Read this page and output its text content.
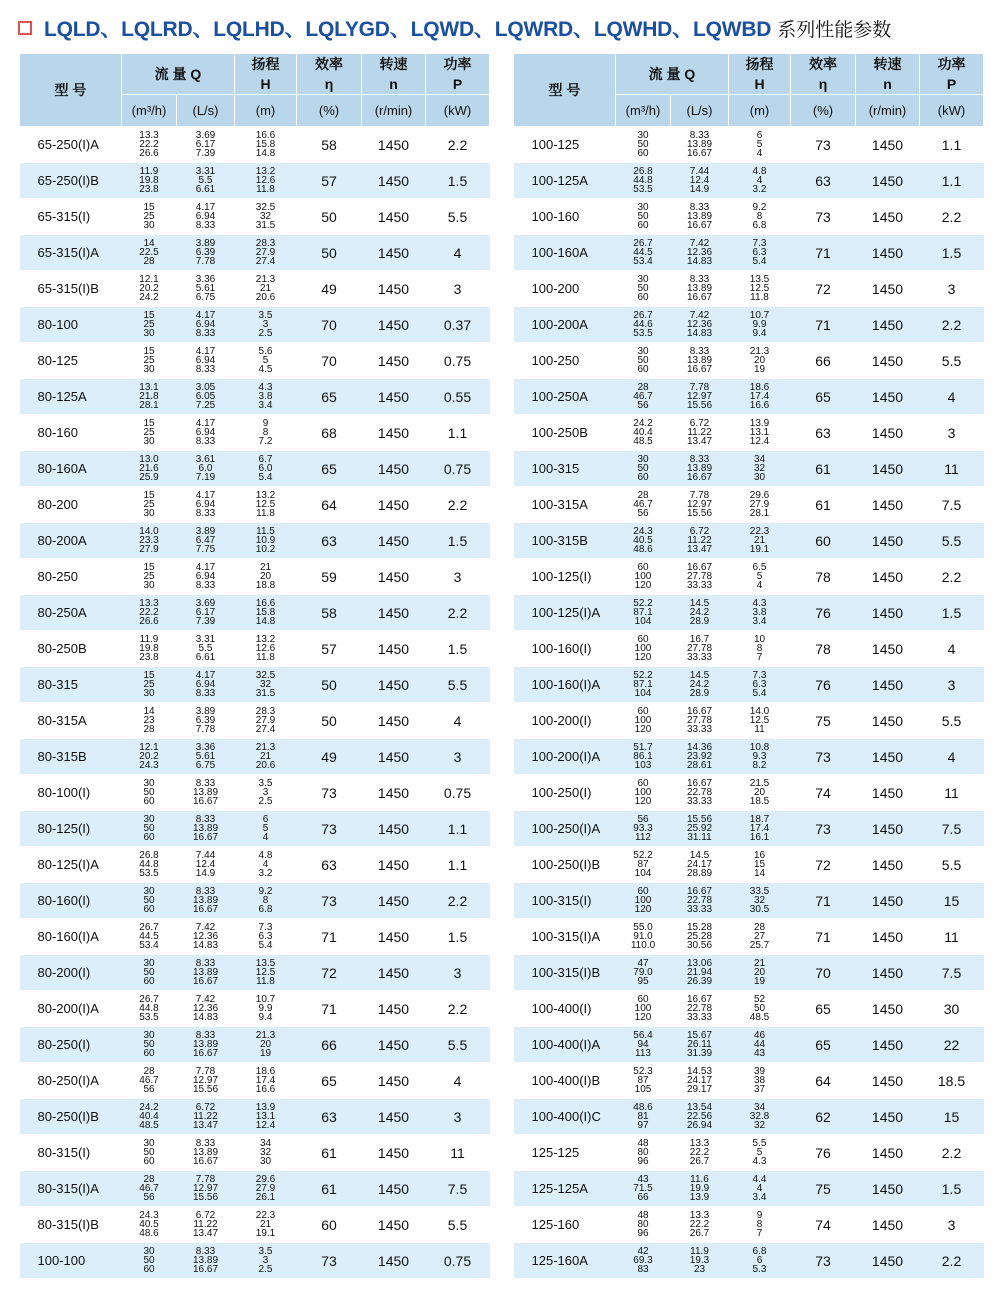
LQLD、LQLRD、LQLHD、LQLYGD、LQWD、LQWRD、LQWHD、LQWBD 系列性能参数
型 号	流 量 Q		扬程
H	效率
η	转速
n	功率
P
	(m³/h)	(L/s)	(m)	(%)	(r/min)	(kW)
65-250(I)A	13.3
22.2
26.6	3.69
6.17
7.39	16.6
15.8
14.8	58	1450	2.2
65-250(I)B	11.9
19.8
23.8	3.31
5.5
6.61	13.2
12.6
11.8	57	1450	1.5
65-315(I)	15
25
30	4.17
6.94
8.33	32.5
32
31.5	50	1450	5.5
65-315(I)A	14
22.5
28	3.89
6.39
7.78	28.3
27.9
27.4	50	1450	4
65-315(I)B	12.1
20.2
24.2	3.36
5.61
6.75	21.3
21
20.6	49	1450	3
80-100	15
25
30	4.17
6.94
8.33	3.5
3
2.5	70	1450	0.37
80-125	15
25
30	4.17
6.94
8.33	5.6
5
4.5	70	1450	0.75
80-125A	13.1
21.8
28.1	3.05
6.05
7.25	4.3
3.8
3.4	65	1450	0.55
80-160	15
25
30	4.17
6.94
8.33	9
8
7.2	68	1450	1.1
80-160A	13.0
21.6
25.9	3.61
6.0
7.19	6.7
6.0
5.4	65	1450	0.75
80-200	15
25
30	4.17
6.94
8.33	13.2
12.5
11.8	64	1450	2.2
80-200A	14.0
23.3
27.9	3.89
6.47
7.75	11.5
10.9
10.2	63	1450	1.5
80-250	15
25
30	4.17
6.94
8.33	21
20
18.8	59	1450	3
80-250A	13.3
22.2
26.6	3.69
6.17
7.39	16.6
15.8
14.8	58	1450	2.2
80-250B	11.9
19.8
23.8	3.31
5.5
6.61	13.2
12.6
11.8	57	1450	1.5
80-315	15
25
30	4.17
6.94
8.33	32.5
32
31.5	50	1450	5.5
80-315A	14
23
28	3.89
6.39
7.78	28.3
27.9
27.4	50	1450	4
80-315B	12.1
20.2
24.3	3.36
5.61
6.75	21.3
21
20.6	49	1450	3
80-100(I)	30
50
60	8.33
13.89
16.67	3.5
3
2.5	73	1450	0.75
80-125(I)	30
50
60	8.33
13.89
16.67	6
5
4	73	1450	1.1
80-125(I)A	26.8
44.8
53.5	7.44
12.4
14.9	4.8
4
3.2	63	1450	1.1
80-160(I)	30
50
60	8.33
13.89
16.67	9.2
8
6.8	73	1450	2.2
80-160(I)A	26.7
44.5
53.4	7.42
12.36
14.83	7.3
6.3
5.4	71	1450	1.5
80-200(I)	30
50
60	8.33
13.89
16.67	13.5
12.5
11.8	72	1450	3
80-200(I)A	26.7
44.8
53.5	7.42
12.36
14.83	10.7
9.9
9.4	71	1450	2.2
80-250(I)	30
50
60	8.33
13.89
16.67	21.3
20
19	66	1450	5.5
80-250(I)A	28
46.7
56	7.78
12.97
15.56	18.6
17.4
16.6	65	1450	4
80-250(I)B	24.2
40.4
48.5	6.72
11.22
13.47	13.9
13.1
12.4	63	1450	3
80-315(I)	30
50
60	8.33
13.89
16.67	34
32
30	61	1450	11
80-315(I)A	28
46.7
56	7.78
12.97
15.56	29.6
27.9
26.1	61	1450	7.5
80-315(I)B	24.3
40.5
48.6	6.72
11.22
13.47	22.3
21
19.1	60	1450	5.5
100-100	30
50
60	8.33
13.89
16.67	3.5
3
2.5	73	1450	0.75
型 号	流 量 Q		扬程
H	效率
η	转速
n	功率
P
	(m³/h)	(L/s)	(m)	(%)	(r/min)	(kW)
100-125	30
50
60	8.33
13.89
16.67	6
5
4	73	1450	1.1
100-125A	26.8
44.8
53.5	7.44
12.4
14.9	4.8
4
3.2	63	1450	1.1
100-160	30
50
60	8.33
13.89
16.67	9.2
8
6.8	73	1450	2.2
100-160A	26.7
44.5
53.4	7.42
12.36
14.83	7.3
6.3
5.4	71	1450	1.5
100-200	30
50
60	8.33
13.89
16.67	13.5
12.5
11.8	72	1450	3
100-200A	26.7
44.6
53.5	7.42
12.36
14.83	10.7
9.9
9.4	71	1450	2.2
100-250	30
50
60	8.33
13.89
16.67	21.3
20
19	66	1450	5.5
100-250A	28
46.7
56	7.78
12.97
15.56	18.6
17.4
16.6	65	1450	4
100-250B	24.2
40.4
48.5	6.72
11.22
13.47	13.9
13.1
12.4	63	1450	3
100-315	30
50
60	8.33
13.89
16.67	34
32
30	61	1450	11
100-315A	28
46.7
56	7.78
12.97
15.56	29.6
27.9
28.1	61	1450	7.5
100-315B	24.3
40.5
48.6	6.72
11.22
13.47	22.3
21
19.1	60	1450	5.5
100-125(I)	60
100
120	16.67
27.78
33.33	6.5
5
4	78	1450	2.2
100-125(I)A	52.2
87.1
104	14.5
24.2
28.9	4.3
3.8
3.4	76	1450	1.5
100-160(I)	60
100
120	16.7
27.78
33.33	10
8
7	78	1450	4
100-160(I)A	52.2
87.1
104	14.5
24.2
28.9	7.3
6.3
5.4	76	1450	3
100-200(I)	60
100
120	16.67
27.78
33.33	14.0
12.5
11	75	1450	5.5
100-200(I)A	51.7
86.1
103	14.36
23.92
28.61	10.8
9.3
8.2	73	1450	4
100-250(I)	60
100
120	16.67
22.78
33.33	21.5
20
18.5	74	1450	11
100-250(I)A	56
93.3
112	15.56
25.92
31.11	18.7
17.4
16.1	73	1450	7.5
100-250(I)B	52.2
87
104	14.5
24.17
28.89	16
15
14	72	1450	5.5
100-315(I)	60
100
120	16.67
22.78
33.33	33.5
32
30.5	71	1450	15
100-315(I)A	55.0
91.0
110.0	15.28
25.28
30.56	28
27
25.7	71	1450	11
100-315(I)B	47
79.0
95	13.06
21.94
26.39	21
20
19	70	1450	7.5
100-400(I)	60
100
120	16.67
22.78
33.33	52
50
48.5	65	1450	30
100-400(I)A	56.4
94
113	15.67
26.11
31.39	46
44
43	65	1450	22
100-400(I)B	52.3
87
105	14.53
24.17
29.17	39
38
37	64	1450	18.5
100-400(I)C	48.6
81
97	13.54
22.56
26.94	34
32.8
32	62	1450	15
125-125	48
80
96	13.3
22.2
26.7	5.5
5
4.3	76	1450	2.2
125-125A	43
71.5
66	11.6
19.9
13.9	4.4
4
3.4	75	1450	1.5
125-160	48
80
96	13.3
22.2
26.7	9
8
7	74	1450	3
125-160A	42
69.3
83	11.9
19.3
23	6.8
6
5.3	73	1450	2.2
